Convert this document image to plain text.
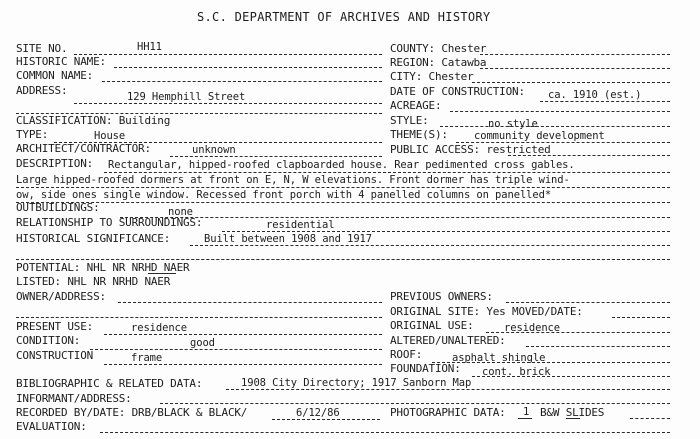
S.C. DEPARTMENT OF ARCHIVES AND HISTORY
SITE NO.	HH11
HISTORIC NAME:
COMMON NAME:
ADDRESS:	129 Hemphill Street
CLASSIFICATION: Building
TYPE:	House
ARCHITECT/CONTRACTOR:	unknown
DESCRIPTION: Rectangular, hipped-roofed clapboarded house. Rear pedimented cross gables.
Large hipped-roofed dormers at front on E, N, W elevations. Front dormer has triple wind-
ow, side ones single window. Recessed front porch with 4 panelled columns on panelled*
OUTBUILDINGS:	none
RELATIONSHIP TO SURROUNDINGS:	residential
HISTORICAL SIGNIFICANCE:	Built between 1908 and 1917
POTENTIAL: NHL NR NRHD NAER
LISTED: NHL NR NRHD NAER
OWNER/ADDRESS:
PRESENT USE:	residence
CONDITION:	good
CONSTRUCTION	frame
BIBLIOGRAPHIC & RELATED DATA:	1908 City Directory; 1917 Sanborn Map
INFORMANT/ADDRESS:
RECORDED BY/DATE: DRB/BLACK & BLACK/	6/12/86
EVALUATION:
COUNTY: Chester
REGION: Catawba
CITY: Chester
DATE OF CONSTRUCTION: ca. 1910 (est.)
ACREAGE:
STYLE:	no style
THEME(S): community development
PUBLIC ACCESS: restricted
PREVIOUS OWNERS:
ORIGINAL SITE: Yes MOVED/DATE:
ORIGINAL USE:	residence
ALTERED/UNALTERED:
ROOF:	asphalt shingle
FOUNDATION: cont. brick
PHOTOGRAPHIC DATA: 1 B&W SLIDES
